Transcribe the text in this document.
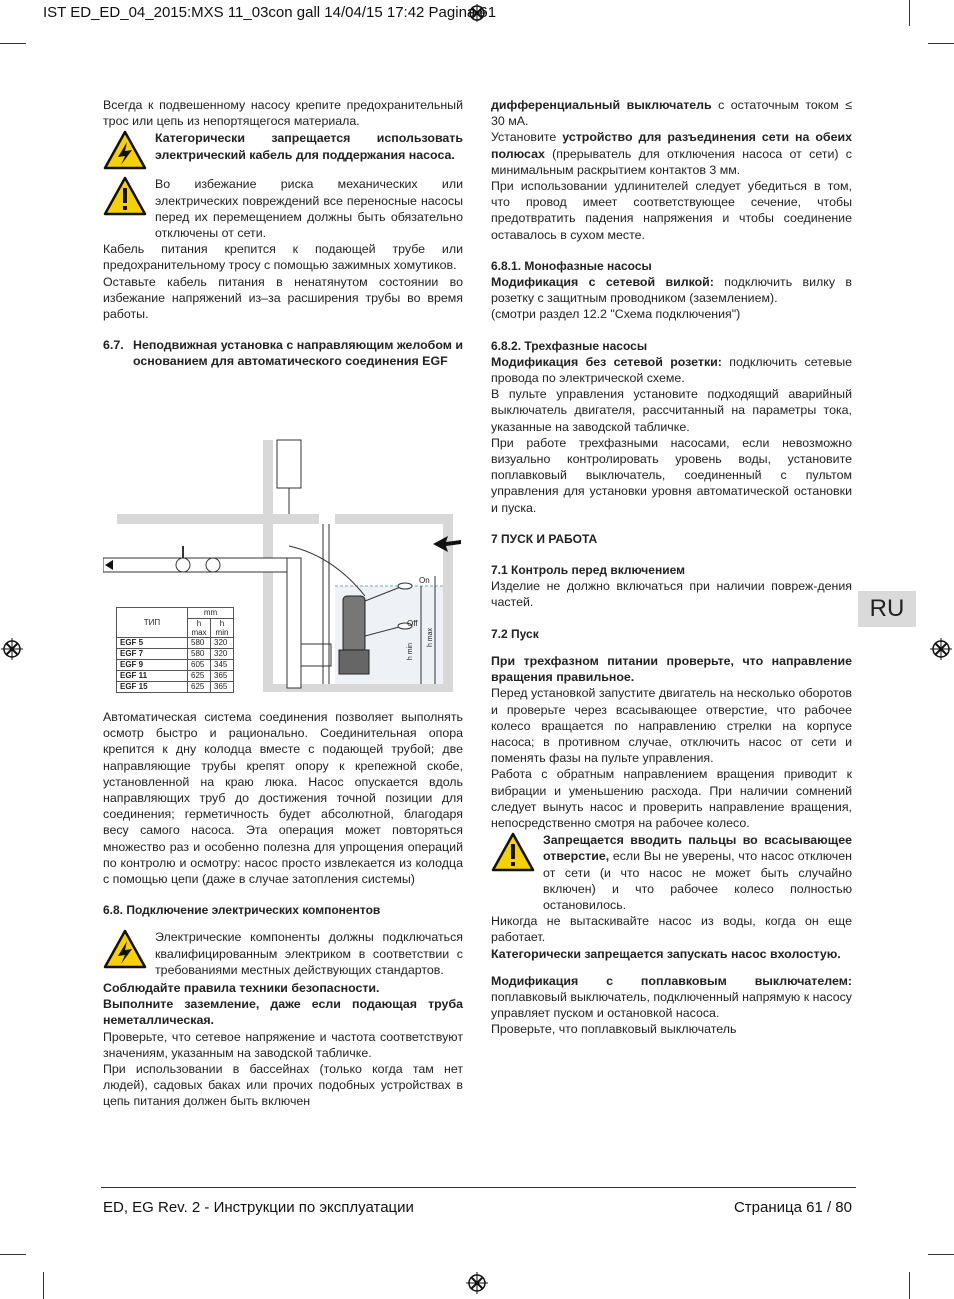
IST ED_ED_04_2015:MXS 11_03con gall 14/04/15 17:42 Pagina 61

Всегда к подвешенному насосу крепите предохранительный трос или цепь из непортящегося материала.

Категорически запрещается использовать электрический кабель для поддержания насоса.

Во избежание риска механических или электрических повреждений все переносные насосы перед их перемещением должны быть обязательно отключены от сети.

Кабель питания крепится к подающей трубе или предохранительному тросу с помощью зажимных хомутиков.

Оставьте кабель питания в ненатянутом состоянии во избежание напряжений из–за расширения трубы во время работы.

6.7. Неподвижная установка с направляющим желобом и основанием для автоматического соединения EGF

On
Off
h max
h min
ТИП	mm	
	h max	h min
EGF 5	580	320
EGF 7	580	320
EGF 9	605	345
EGF 11	625	365
EGF 15	625	365

Автоматическая система соединения позволяет выполнять осмотр быстро и рационально. Соединительная опора крепится к дну колодца вместе с подающей трубой; две направляющие трубы крепят опору к крепежной скобе, установленной на краю люка. Насос опускается вдоль направляющих труб до достижения точной позиции для соединения; герметичность будет абсолютной, благодаря весу самого насоса. Эта операция может повторяться множество раз и особенно полезна для упрощения операций по контролю и осмотру: насос просто извлекается из колодца с помощью цепи (даже в случае затопления системы)

6.8. Подключение электрических компонентов

Электрические компоненты должны подключаться квалифицированным электриком в соответствии с требованиями местных действующих стандартов.

Соблюдайте правила техники безопасности.

Выполните заземление, даже если подающая труба неметаллическая.

Проверьте, что сетевое напряжение и частота соответствуют значениям, указанным на заводской табличке.

При использовании в бассейнах (только когда там нет людей), садовых баках или прочих подобных устройствах в цепь питания должен быть включен

дифференциальный выключатель с остаточным током ≤ 30 мА.

Установите устройство для разъединения сети на обеих полюсах (прерыватель для отключения насоса от сети) с минимальным раскрытием контактов 3 мм.

При использовании удлинителей следует убедиться в том, что провод имеет соответствующее сечение, чтобы предотвратить падения напряжения и чтобы соединение оставалось в сухом месте.

6.8.1. Монофазные насосы

Модификация с сетевой вилкой: подключить вилку в розетку с защитным проводником (заземлением).

(смотри раздел 12.2 "Схема подключения")

6.8.2. Трехфазные насосы

Модификация без сетевой розетки: подключить сетевые провода по электрической схеме.

В пульте управления установите подходящий аварийный выключатель двигателя, рассчитанный на параметры тока, указанные на заводской табличке.

При работе трехфазными насосами, если невозможно визуально контролировать уровень воды, установите поплавковый выключатель, соединенный с пультом управления для установки уровня автоматической остановки и пуска.

7 ПУСК И РАБОТА

7.1 Контроль перед включением

Изделие не должно включаться при наличии повреж-дения частей.

7.2 Пуск

При трехфазном питании проверьте, что направление вращения правильное.

Перед установкой запустите двигатель на несколько оборотов и проверьте через всасывающее отверстие, что рабочее колесо вращается по направлению стрелки на корпусе насоса; в противном случае, отключить насос от сети и поменять фазы на пульте управления.

Работа с обратным направлением вращения приводит к вибрации и уменьшению расхода. При наличии сомнений следует вынуть насос и проверить направление вращения, непосредственно смотря на рабочее колесо.

Запрещается вводить пальцы во всасывающее отверстие, если Вы не уверены, что насос отключен от сети (и что насос не может быть случайно включен) и что рабочее колесо полностью остановилось.

Никогда не вытаскивайте насос из воды, когда он еще работает.

Категорически запрещается запускать насос вхолостую.

Модификация с поплавковым выключателем: поплавковый выключатель, подключенный напрямую к насосу управляет пуском и остановкой насоса.

Проверьте, что поплавковый выключатель

RU
ED, EG Rev. 2 - Инструкции по эксплуатации	Страница 61 / 80
